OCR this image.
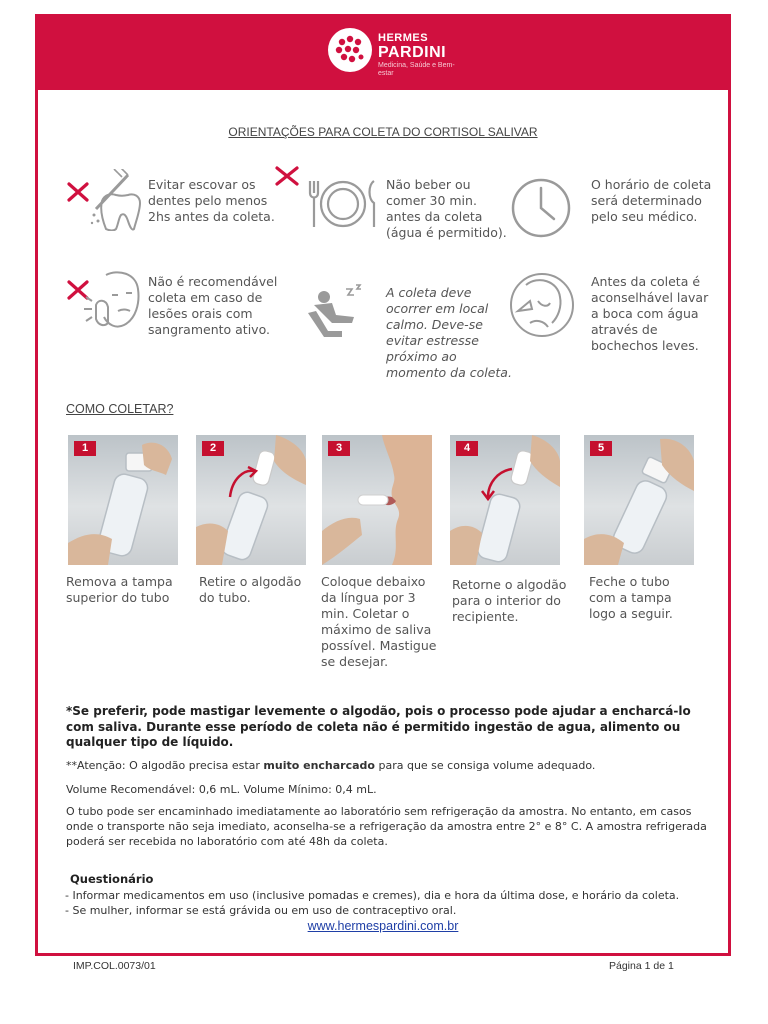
HERMES
PARDINI
Medicina, Saúde e Bem-estar
ORIENTAÇÕES PARA COLETA DO CORTISOL SALIVAR
Evitar escovar os
dentes pelo menos
2hs antes da coleta.
Não beber ou
comer 30 min.
antes da coleta
(água é permitido).
O horário de coleta
será determinado
pelo seu médico.
Não é recomendável
coleta em caso de
lesões orais com
sangramento ativo.
A coleta deve
ocorrer em local
calmo. Deve-se
evitar estresse
próximo ao
momento da coleta.
Antes da coleta é
aconselhável lavar
a boca com água
através de
bochechos leves.
COMO COLETAR?
1	2	3	4	5
Remova a tampa
superior do tubo
Retire o algodão
do tubo.
Coloque debaixo
da língua por 3
min. Coletar o
máximo de saliva
possível. Mastigue
se desejar.
Retorne o algodão
para o interior do
recipiente.
Feche o tubo
com a tampa
logo a seguir.
*Se preferir, pode mastigar levemente o algodão, pois o processo pode ajudar a encharcá-lo com saliva. Durante esse período de coleta não é permitido ingestão de agua, alimento ou qualquer tipo de líquido.
**Atenção: O algodão precisa estar muito encharcado para que se consiga volume adequado.
Volume Recomendável: 0,6 mL. Volume Mínimo: 0,4 mL.
O tubo pode ser encaminhado imediatamente ao laboratório sem refrigeração da amostra. No entanto, em casos onde o transporte não seja imediato, aconselha-se a refrigeração da amostra entre 2° e 8° C. A amostra refrigerada poderá ser recebida no laboratório com até 48h da coleta.
Questionário
- Informar medicamentos em uso (inclusive pomadas e cremes), dia e hora da última dose, e horário da coleta.
- Se mulher, informar se está grávida ou em uso de contraceptivo oral.
www.hermespardini.com.br
IMP.COL.0073/01	Página 1 de 1
